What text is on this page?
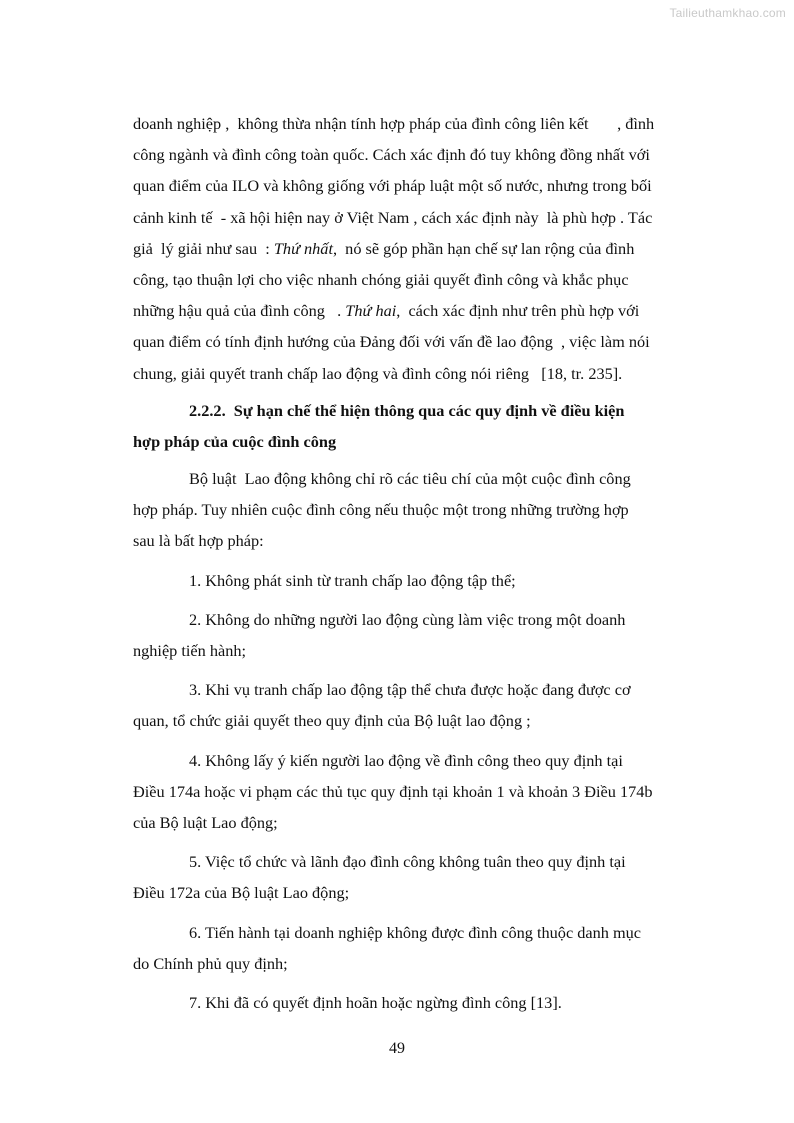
Tailieuthamkhao.com
doanh nghiệp ,  không thừa nhận tính hợp pháp của đình công liên kết       , đình
công ngành và đình công toàn quốc. Cách xác định đó tuy không đồng nhất với
quan điểm của ILO và không giống với pháp luật một số nước, nhưng trong bối
cảnh kinh tế  - xã hội hiện nay ở Việt Nam , cách xác định này  là phù hợp . Tác
giả  lý giải như sau  : Thứ nhất,  nó sẽ góp phần hạn chế sự lan rộng của đình
công, tạo thuận lợi cho việc nhanh chóng giải quyết đình công và khắc phục
những hậu quả của đình công   . Thứ hai,  cách xác định như trên phù hợp với
quan điểm có tính định hướng của Đảng đối với vấn đề lao động  , việc làm nói
chung, giải quyết tranh chấp lao động và đình công nói riêng   [18, tr. 235].
2.2.2.  Sự hạn chế thể hiện thông qua các quy định về điều kiện
hợp pháp của cuộc đình công
Bộ luật  Lao động không chỉ rõ các tiêu chí của một cuộc đình công
hợp pháp. Tuy nhiên cuộc đình công nếu thuộc một trong những trường hợp
sau là bất hợp pháp:
1. Không phát sinh từ tranh chấp lao động tập thể;
2. Không do những người lao động cùng làm việc trong một doanh
nghiệp tiến hành;
3. Khi vụ tranh chấp lao động tập thể chưa được hoặc đang được cơ
quan, tổ chức giải quyết theo quy định của Bộ luật lao động ;
4. Không lấy ý kiến người lao động về đình công theo quy định tại
Điều 174a hoặc vi phạm các thủ tục quy định tại khoản 1 và khoản 3 Điều 174b
của Bộ luật Lao động;
5. Việc tổ chức và lãnh đạo đình công không tuân theo quy định tại
Điều 172a của Bộ luật Lao động;
6. Tiến hành tại doanh nghiệp không được đình công thuộc danh mục
do Chính phủ quy định;
7. Khi đã có quyết định hoãn hoặc ngừng đình công [13].
49
